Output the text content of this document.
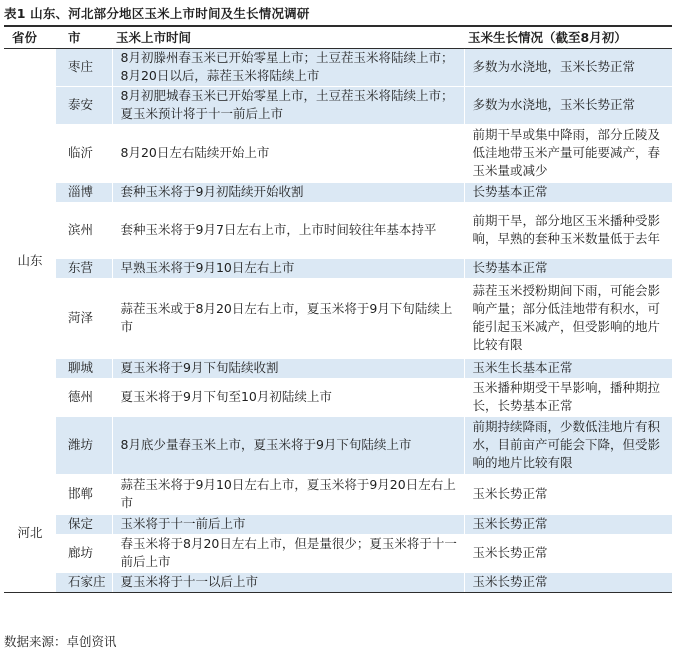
表1 山东、河北部分地区玉米上市时间及生长情况调研
省份	市	玉米上市时间	玉米生长情况（截至8月初）
山东	枣庄	8月初滕州春玉米已开始零星上市；土豆茬玉米将陆续上市；8月20日以后，蒜茬玉米将陆续上市	多数为水浇地，玉米长势正常
	泰安	8月初肥城春玉米已开始零星上市，土豆茬玉米将陆续上市；夏玉米预计将于十一前后上市	多数为水浇地，玉米长势正常
	临沂	8月20日左右陆续开始上市	前期干旱或集中降雨，部分丘陵及低洼地带玉米产量可能要减产，春玉米量或减少
	淄博	套种玉米将于9月初陆续开始收割	长势基本正常
	滨州	套种玉米将于9月7日左右上市，上市时间较往年基本持平	前期干旱，部分地区玉米播种受影响，早熟的套种玉米数量低于去年
	东营	早熟玉米将于9月10日左右上市	长势基本正常
	菏泽	蒜茬玉米或于8月20日左右上市，夏玉米将于9月下旬陆续上市	蒜茬玉米授粉期间下雨，可能会影响产量；部分低洼地带有积水，可能引起玉米减产，但受影响的地片比较有限
	聊城	夏玉米将于9月下旬陆续收割	玉米生长基本正常
	德州	夏玉米将于9月下旬至10月初陆续上市	玉米播种期受干旱影响，播种期拉长，长势基本正常
	潍坊	8月底少量春玉米上市，夏玉米将于9月下旬陆续上市	前期持续降雨，少数低洼地片有积水，目前亩产可能会下降，但受影响的地片比较有限
河北	邯郸	蒜茬玉米将于9月10日左右上市，夏玉米将于9月20日左右上市	玉米长势正常
	保定	玉米将于十一前后上市	玉米长势正常
	廊坊	春玉米将于8月20日左右上市，但是量很少；夏玉米将于十一前后上市	玉米长势正常
	石家庄	夏玉米将于十一以后上市	玉米长势正常
数据来源：卓创资讯
